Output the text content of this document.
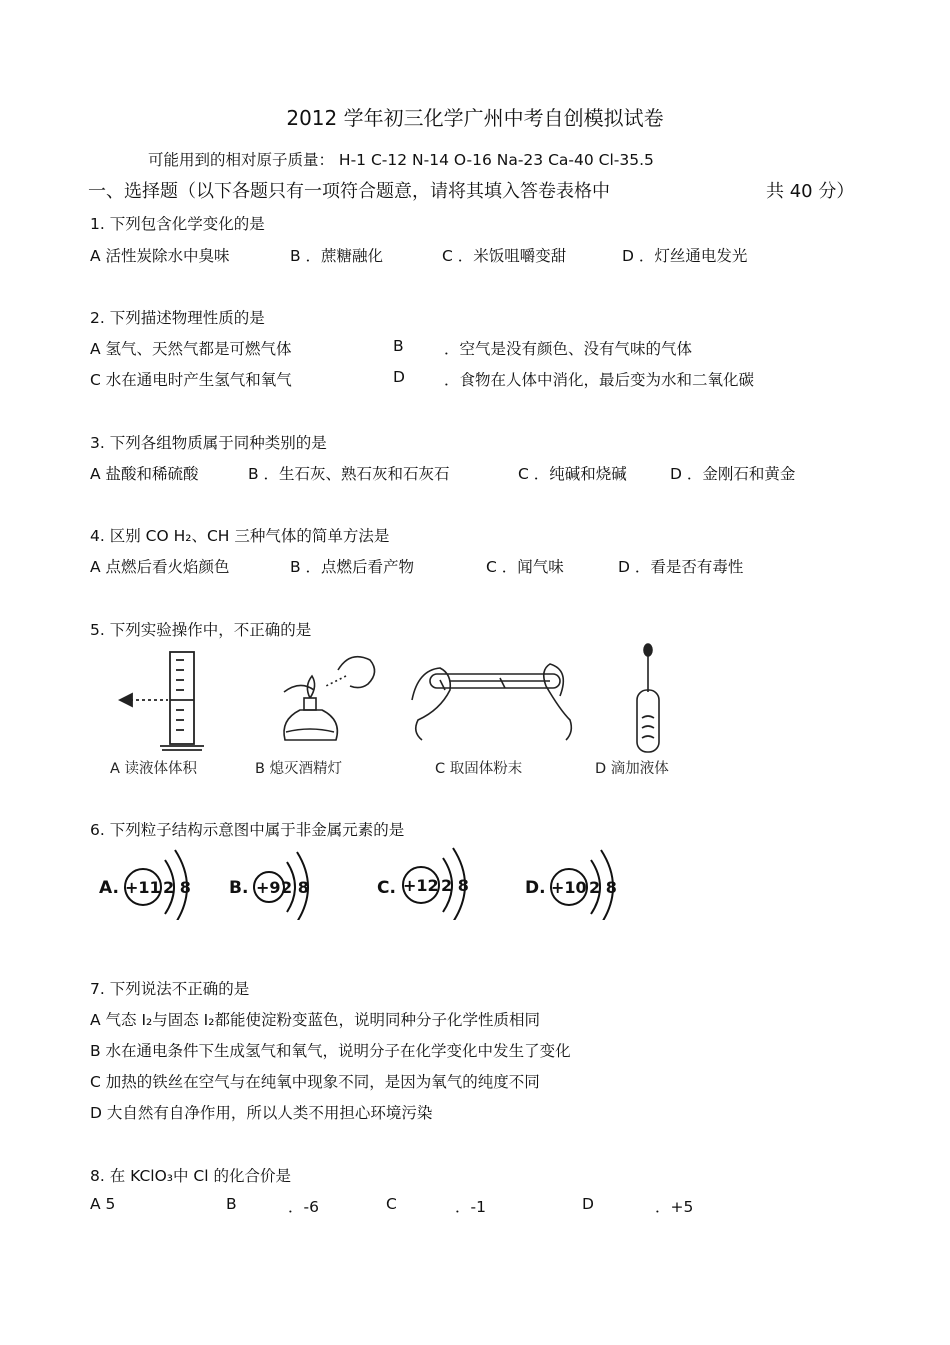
2012 学年初三化学广州中考自创模拟试卷
可能用到的相对原子质量： H-1 C-12 N-14 O-16 Na-23 Ca-40 Cl-35.5
一、选择题（以下各题只有一项符合题意，请将其填入答卷表格中	共 40 分）
1. 下列包含化学变化的是
A 活性炭除水中臭味	B ．蔗糖融化	C ．米饭咀嚼变甜	D ．灯丝通电发光
2. 下列描述物理性质的是
A 氢气、天然气都是可燃气体	B	．空气是没有颜色、没有气味的气体
C 水在通电时产生氢气和氧气	D	．食物在人体中消化，最后变为水和二氧化碳
3. 下列各组物质属于同种类别的是
A 盐酸和稀硫酸	B ．生石灰、熟石灰和石灰石	C ．纯碱和烧碱	D ．金刚石和黄金
4. 区别 CO H₂、CH 三种气体的简单方法是
A 点燃后看火焰颜色	B ．点燃后看产物	C ．闻气味	D ．看是否有毒性
5. 下列实验操作中，不正确的是
A 读液体体积	B 熄灭酒精灯	C 取固体粉末	D 滴加液体
6. 下列粒子结构示意图中属于非金属元素的是
A. +11 2 8 B. +9 2 8	C. +12 2 8	D. +10 2 8
7. 下列说法不正确的是
A 气态 I₂与固态 I₂都能使淀粉变蓝色，说明同种分子化学性质相同
B 水在通电条件下生成氢气和氧气，说明分子在化学变化中发生了变化
C 加热的铁丝在空气与在纯氧中现象不同，是因为氧气的纯度不同
D 大自然有自净作用，所以人类不用担心环境污染
8. 在 KClO₃中 Cl 的化合价是
A 5	B	．-6	C	．-1	D	．+5
